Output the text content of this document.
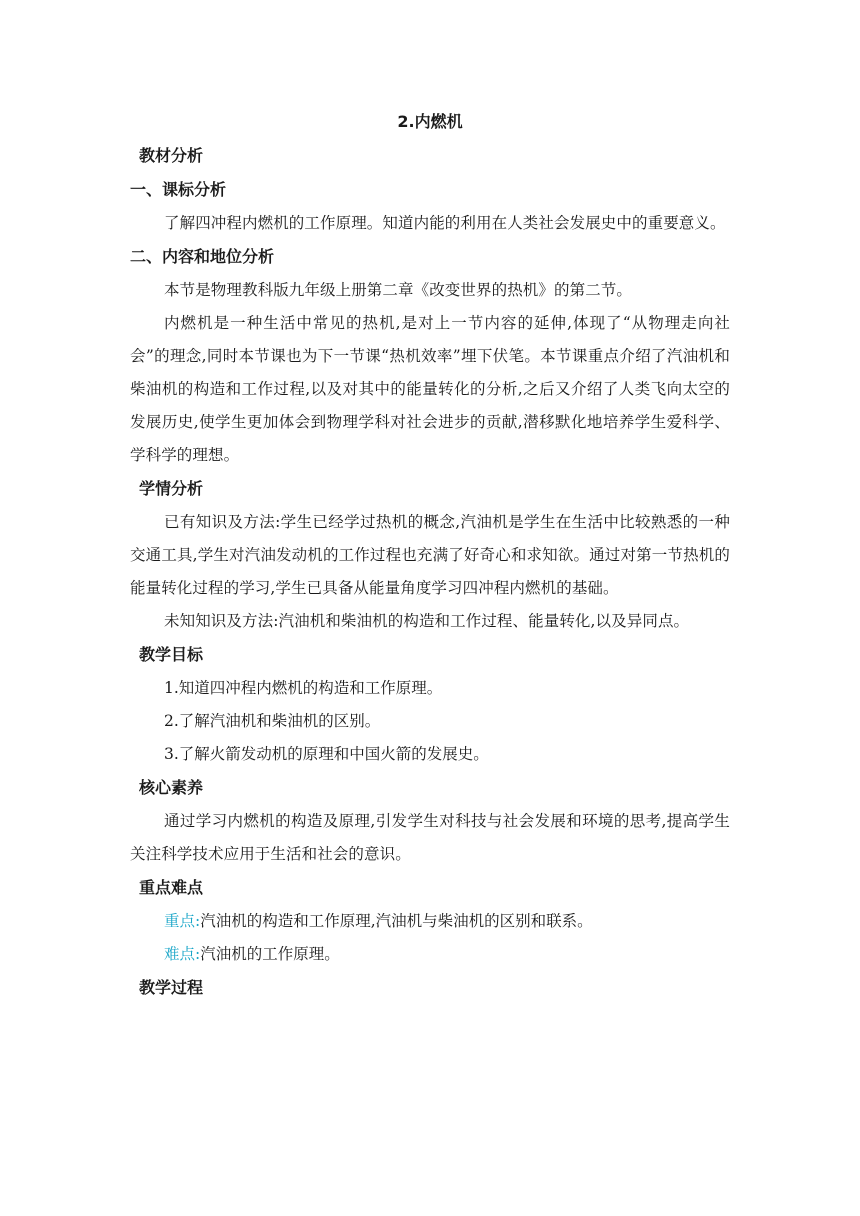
2.内燃机
教材分析
一、课标分析

了解四冲程内燃机的工作原理。知道内能的利用在人类社会发展史中的重要意义。

二、内容和地位分析

本节是物理教科版九年级上册第二章《改变世界的热机》的第二节。

内燃机是一种生活中常见的热机,是对上一节内容的延伸,体现了“从物理走向社会”的理念,同时本节课也为下一节课“热机效率”埋下伏笔。本节课重点介绍了汽油机和柴油机的构造和工作过程,以及对其中的能量转化的分析,之后又介绍了人类飞向太空的发展历史,使学生更加体会到物理学科对社会进步的贡献,潜移默化地培养学生爱科学、学科学的理想。

学情分析

已有知识及方法:学生已经学过热机的概念,汽油机是学生在生活中比较熟悉的一种交通工具,学生对汽油发动机的工作过程也充满了好奇心和求知欲。通过对第一节热机的能量转化过程的学习,学生已具备从能量角度学习四冲程内燃机的基础。

未知知识及方法:汽油机和柴油机的构造和工作过程、能量转化,以及异同点。

教学目标

1.知道四冲程内燃机的构造和工作原理。

2.了解汽油机和柴油机的区别。

3.了解火箭发动机的原理和中国火箭的发展史。

核心素养

通过学习内燃机的构造及原理,引发学生对科技与社会发展和环境的思考,提高学生关注科学技术应用于生活和社会的意识。

重点难点

重点:汽油机的构造和工作原理,汽油机与柴油机的区别和联系。

难点:汽油机的工作原理。

教学过程
